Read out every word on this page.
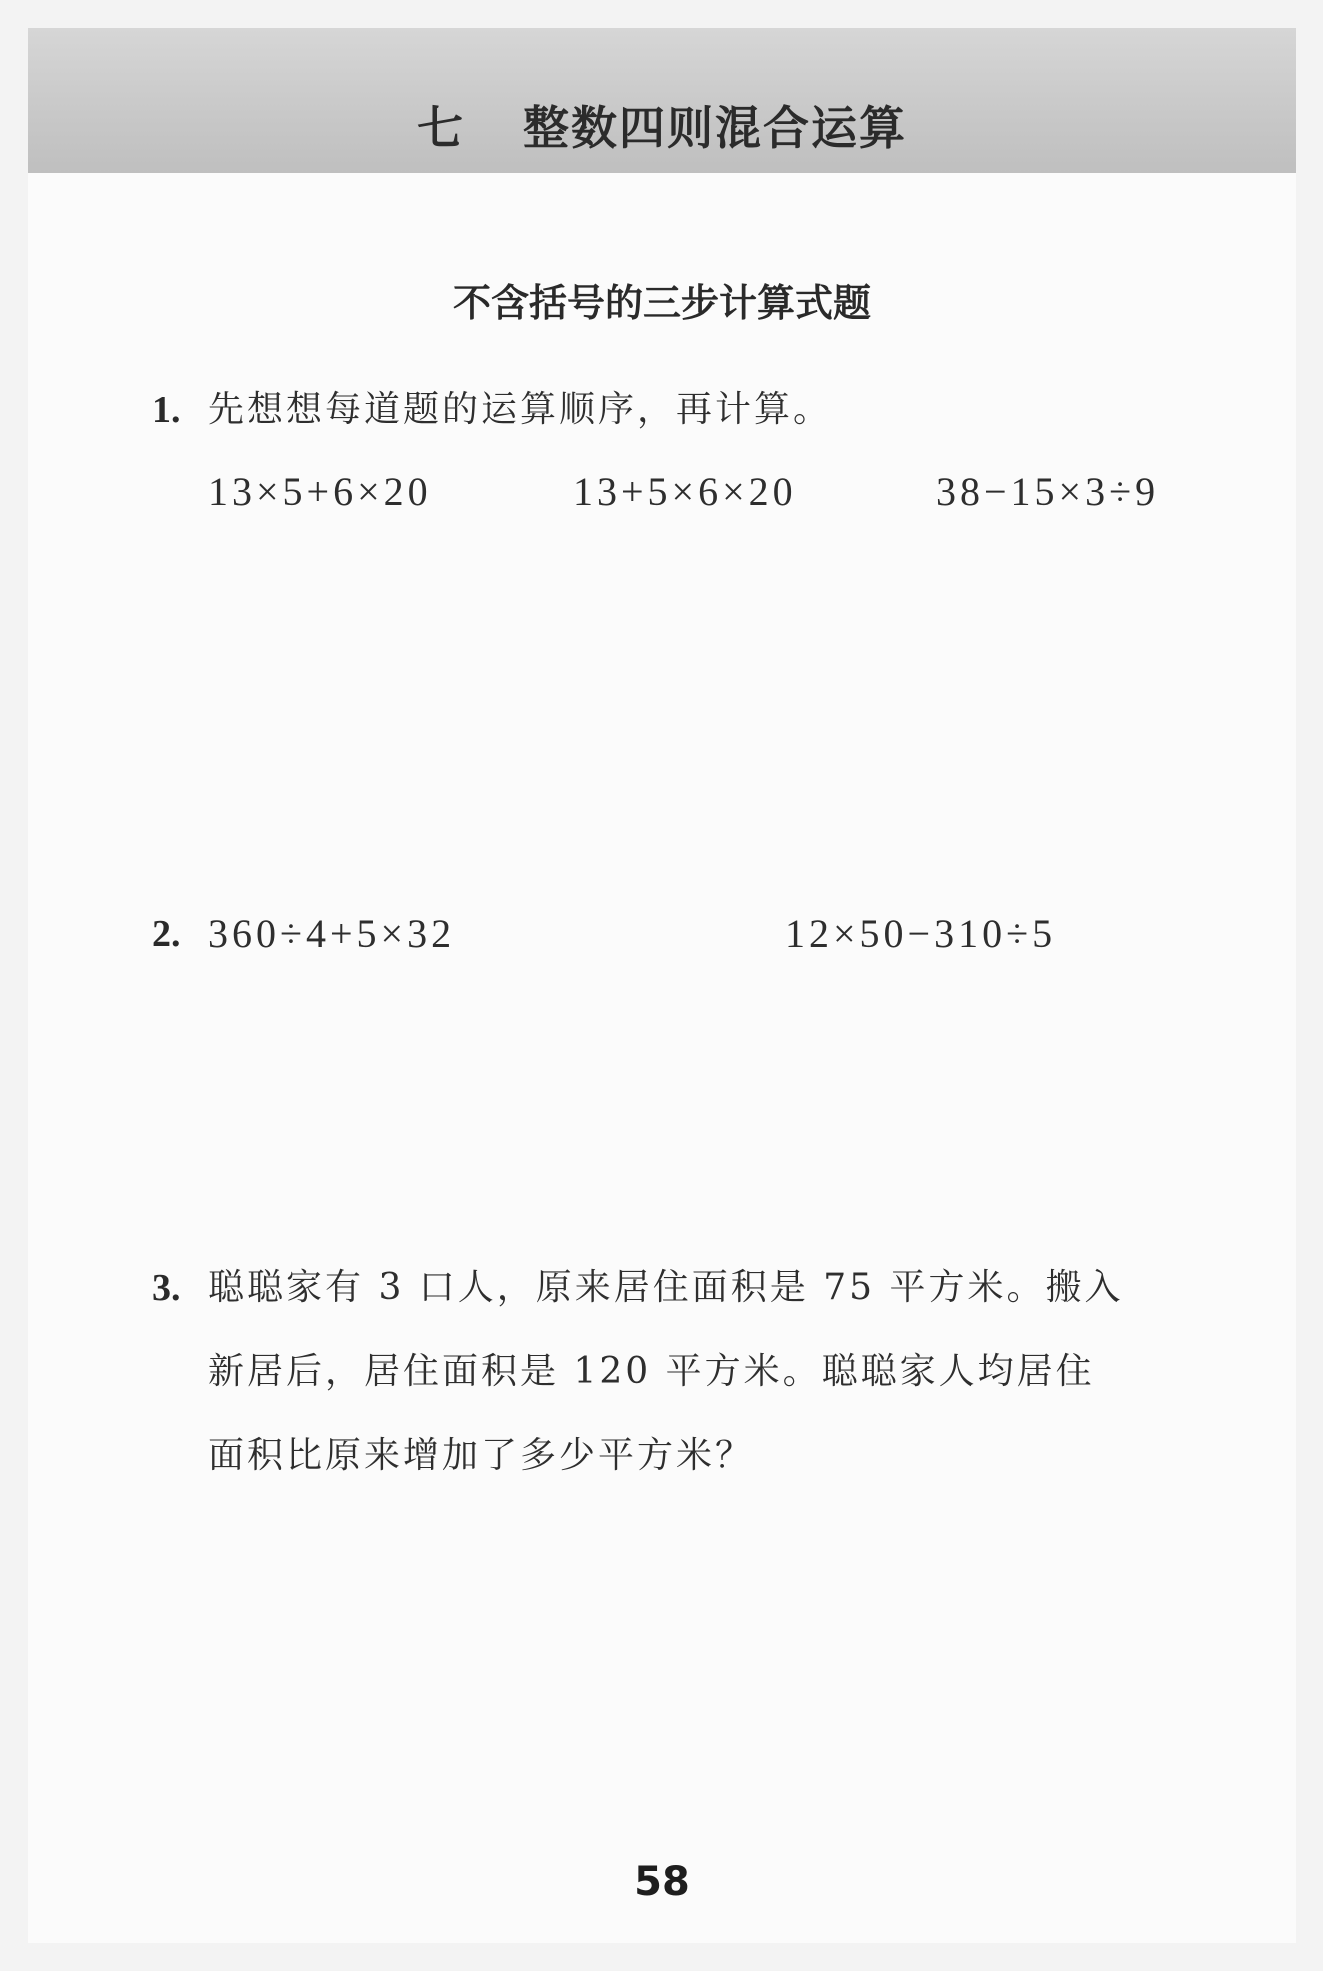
七 整数四则混合运算
不含括号的三步计算式题
1. 先想想每道题的运算顺序，再计算。
13×5+6×20	13+5×6×20	38−15×3÷9
2. 360÷4+5×32	12×50−310÷5
3. 聪聪家有 3 口人，原来居住面积是 75 平方米。搬入
新居后，居住面积是 120 平方米。聪聪家人均居住
面积比原来增加了多少平方米？
58
